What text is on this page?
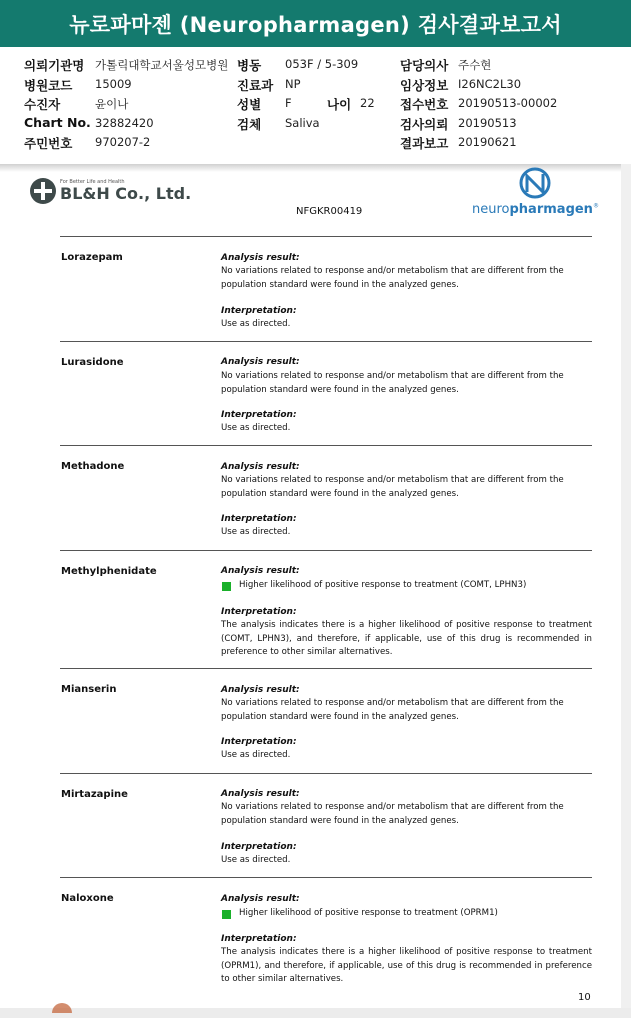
뉴로파마젠 (Neuropharmagen) 검사결과보고서
의뢰기관명 가톨릭대학교서울성모병원 병동 053F / 5-309	담당의사 주수현
병원코드 15009	진료과 NP	임상정보 I26NC2L30
수진자	윤이나	성별 F	나이 22 접수번호 20190513-00002
Chart No. 32882420	검체 Saliva	검사의뢰 20190513
주민번호 970207-2	결과보고 20190621
For Better Life and Health
BL&H Co., Ltd.
NFGKR00419	neuropharmagen®
Lorazepam	Analysis result:
No variations related to response and/or metabolism that are different from the population standard were found in the analyzed genes.
Interpretation:
Use as directed.
Lurasidone	Analysis result:
No variations related to response and/or metabolism that are different from the population standard were found in the analyzed genes.
Interpretation:
Use as directed.
Methadone	Analysis result:
No variations related to response and/or metabolism that are different from the population standard were found in the analyzed genes.
Interpretation:
Use as directed.
Methylphenidate	Analysis result:
Higher likelihood of positive response to treatment (COMT, LPHN3)
Interpretation:
The analysis indicates there is a higher likelihood of positive response to treatment (COMT, LPHN3), and therefore, if applicable, use of this drug is recommended in preference to other similar alternatives.
Mianserin	Analysis result:
No variations related to response and/or metabolism that are different from the population standard were found in the analyzed genes.
Interpretation:
Use as directed.
Mirtazapine	Analysis result:
No variations related to response and/or metabolism that are different from the population standard were found in the analyzed genes.
Interpretation:
Use as directed.
Naloxone	Analysis result:
Higher likelihood of positive response to treatment (OPRM1)
Interpretation:
The analysis indicates there is a higher likelihood of positive response to treatment (OPRM1), and therefore, if applicable, use of this drug is recommended in preference to other similar alternatives.
10
